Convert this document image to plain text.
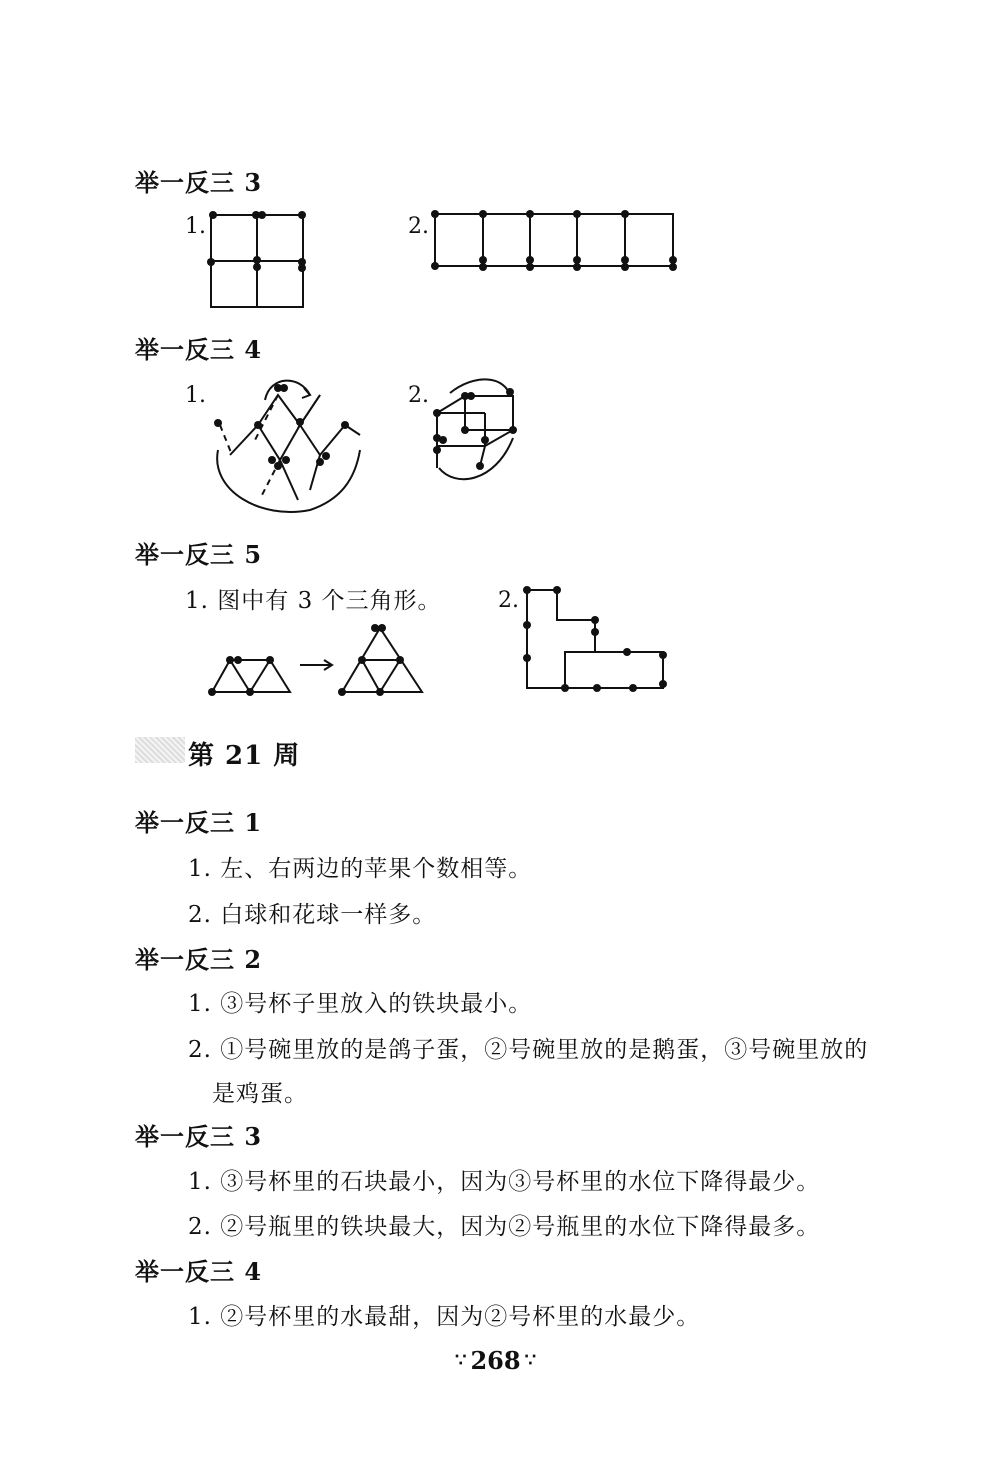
举一反三 3
1.	2.
举一反三 4
1.	2.
举一反三 5
1. 图中有 3 个三角形。	2.
第 21 周
举一反三 1
1. 左、右两边的苹果个数相等。
2. 白球和花球一样多。
举一反三 2
1. ③号杯子里放入的铁块最小。
2. ①号碗里放的是鸽子蛋，②号碗里放的是鹅蛋，③号碗里放的
是鸡蛋。
举一反三 3
1. ③号杯里的石块最小，因为③号杯里的水位下降得最少。
2. ②号瓶里的铁块最大，因为②号瓶里的水位下降得最多。
举一反三 4
1. ②号杯里的水最甜，因为②号杯里的水最少。
∵ 268 ∵
